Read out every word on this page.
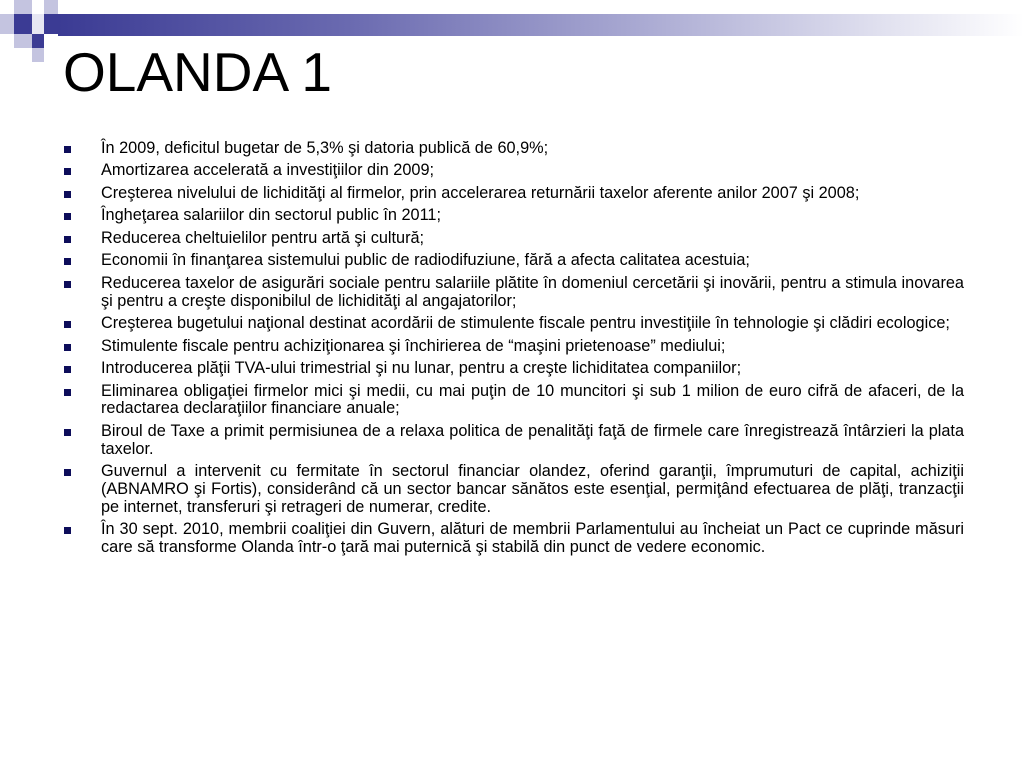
OLANDA 1
În 2009, deficitul bugetar de 5,3% şi datoria publică de 60,9%;
Amortizarea accelerată a investiţiilor din 2009;
Creşterea nivelului de lichidităţi al firmelor, prin accelerarea returnării taxelor aferente anilor 2007 şi 2008;
Îngheţarea salariilor din sectorul public în 2011;
Reducerea cheltuielilor pentru artă şi cultură;
Economii în finanţarea sistemului public de radiodifuziune, fără a afecta calitatea acestuia;
Reducerea taxelor de asigurări sociale pentru salariile plătite în domeniul cercetării şi inovării, pentru a stimula inovarea şi pentru a creşte disponibilul de lichidităţi al angajatorilor;
Creşterea bugetului naţional destinat acordării de stimulente fiscale pentru investiţiile în tehnologie şi clădiri ecologice;
Stimulente fiscale pentru achiziţionarea şi închirierea de “maşini prietenoase” mediului;
Introducerea plăţii TVA-ului trimestrial şi nu lunar, pentru a creşte lichiditatea companiilor;
Eliminarea obligaţiei firmelor mici şi medii, cu mai puţin de 10 muncitori şi sub 1 milion de euro cifră de afaceri, de la redactarea declaraţiilor financiare anuale;
Biroul de Taxe a primit permisiunea de a relaxa politica de penalităţi faţă de firmele care înregistrează întârzieri la plata taxelor.
Guvernul a intervenit cu fermitate în sectorul financiar olandez, oferind garanţii, împrumuturi de capital, achiziţii (ABNAMRO şi Fortis), considerând că un sector bancar sănătos este esenţial, permiţând efectuarea de plăţi, tranzacţii pe internet, transferuri şi retrageri de numerar, credite.
În 30 sept. 2010, membrii coaliţiei din Guvern, alături de membrii Parlamentului au încheiat un Pact ce cuprinde măsuri care să transforme Olanda într-o ţară mai puternică şi stabilă din punct de vedere economic.
